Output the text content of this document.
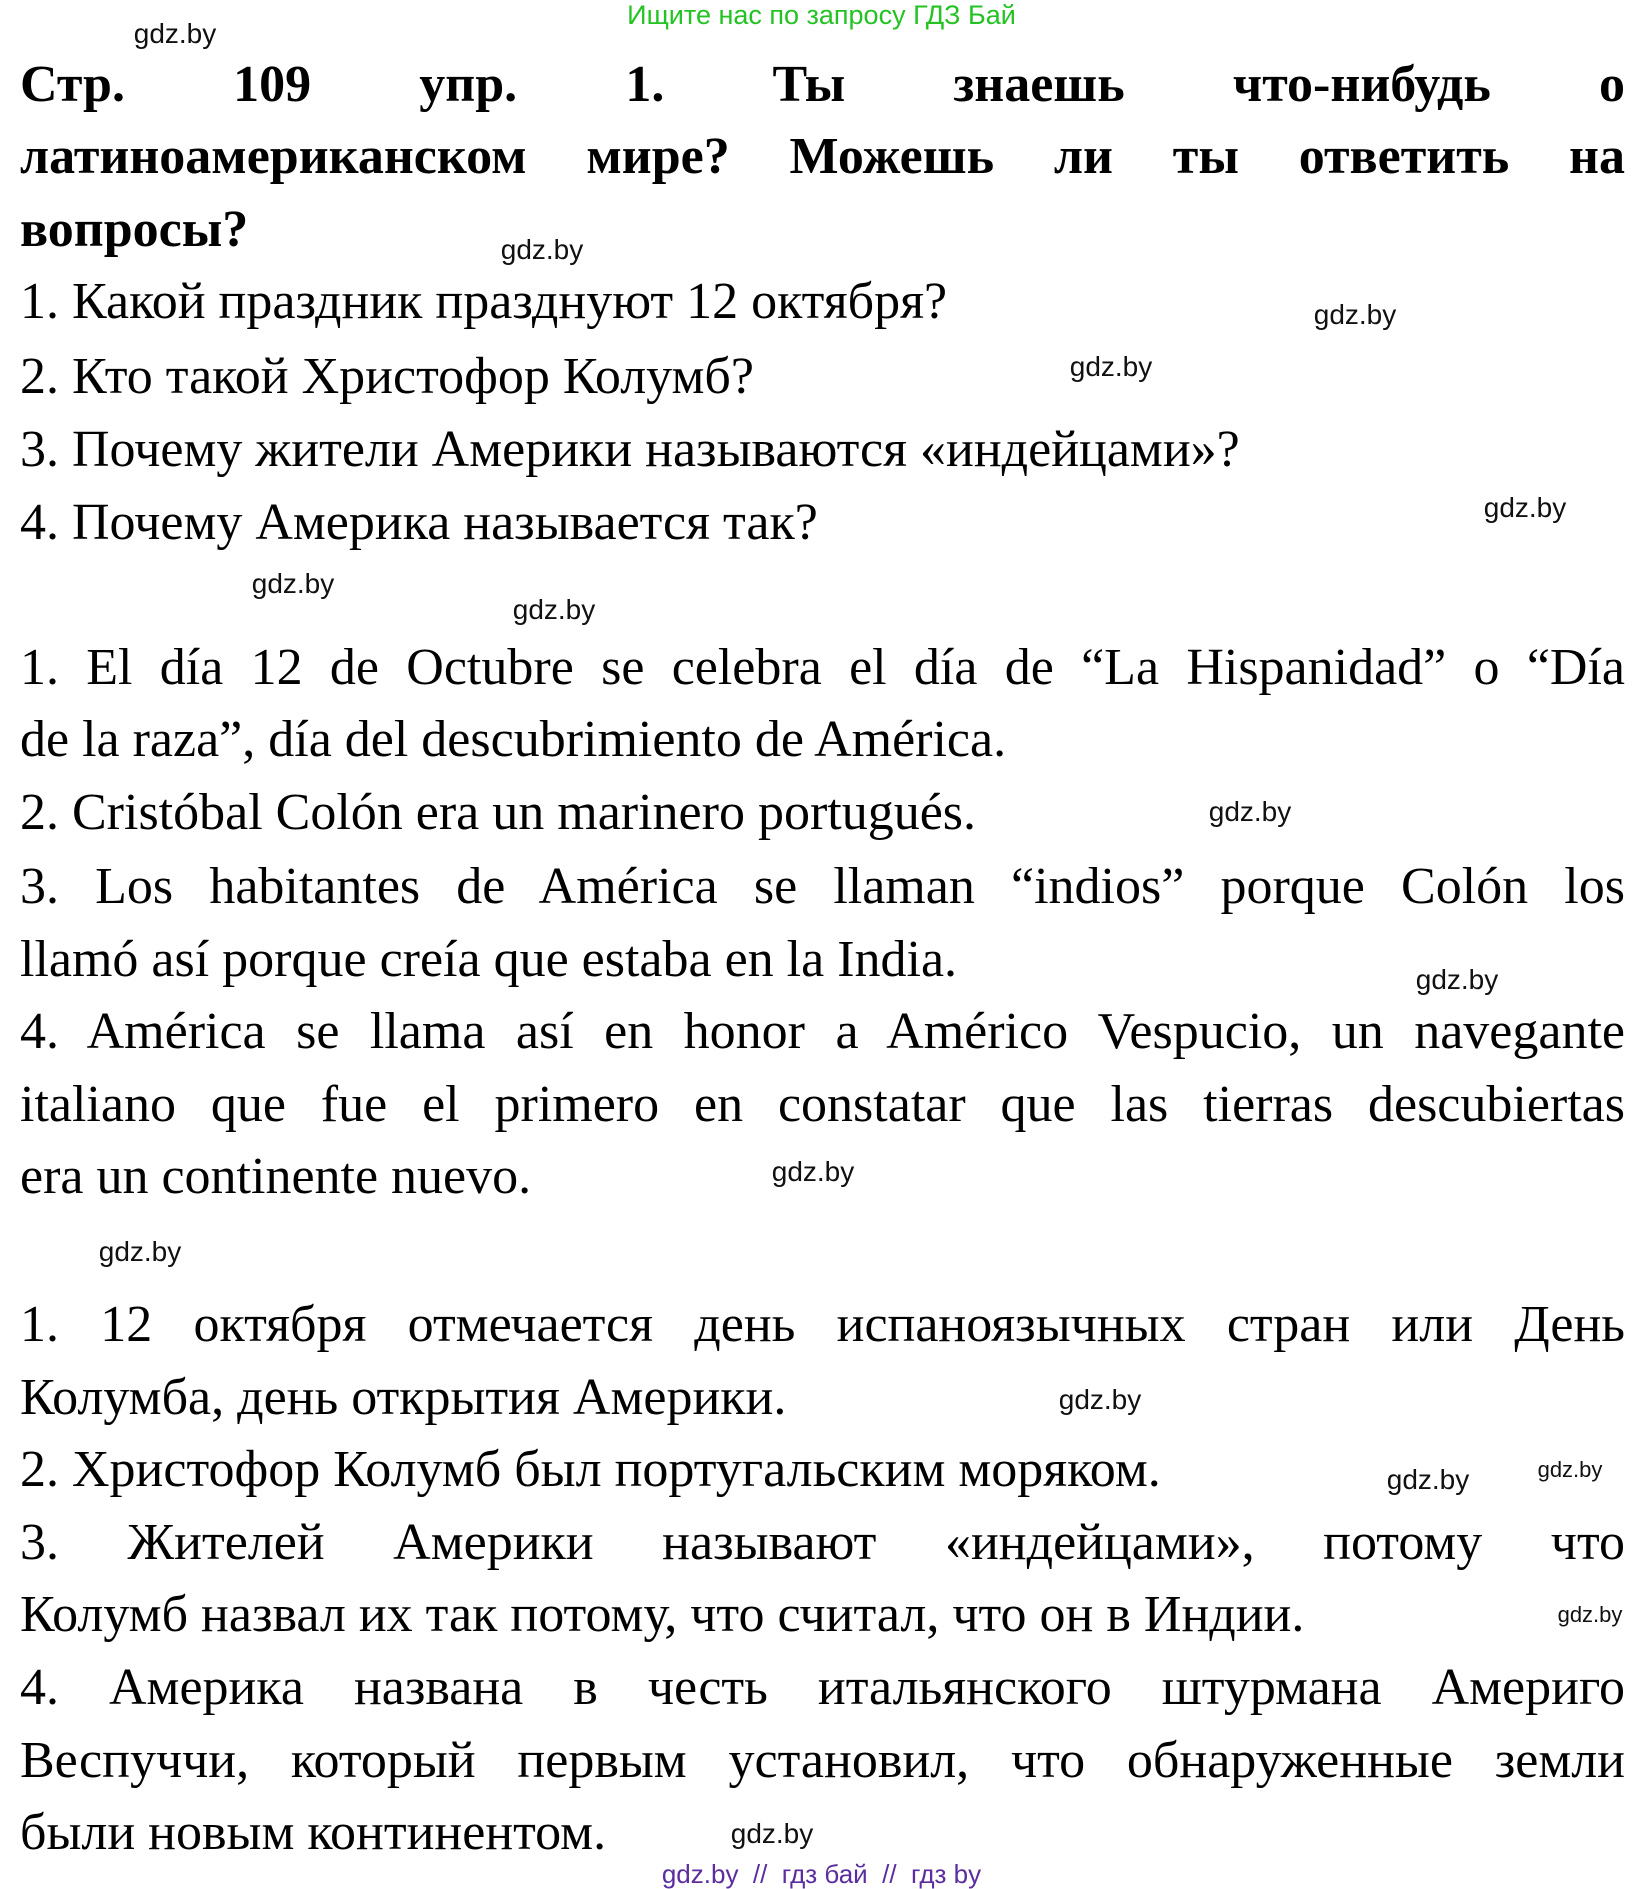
Ищите нас по запросу ГДЗ Бай
Стр. 109 упр. 1. Ты знаешь что-нибудь о
латиноамериканском мире? Можешь ли ты ответить на
вопросы?
1. Какой праздник празднуют 12 октября?
2. Кто такой Христофор Колумб?
3. Почему жители Америки называются «индейцами»?
4. Почему Америка называется так?
1. El día 12 de Octubre se celebra el día de “La Hispanidad” o “Día
de la raza”, día del descubrimiento de América.
2. Cristóbal Colón era un marinero portugués.
3. Los habitantes de América se llaman “indios” porque Colón los
llamó así porque creía que estaba en la India.
4. América se llama así en honor a Américo Vespucio, un navegante
italiano que fue el primero en constatar que las tierras descubiertas
era un continente nuevo.
1. 12 октября отмечается день испаноязычных стран или День
Колумба, день открытия Америки.
2. Христофор Колумб был португальским моряком.
3. Жителей Америки называют «индейцами», потому что
Колумб назвал их так потому, что считал, что он в Индии.
4. Америка названа в честь итальянского штурмана Америго
Веспуччи, который первым установил, что обнаруженные земли
были новым континентом.
gdz.by
gdz.by
gdz.by
gdz.by
gdz.by
gdz.by
gdz.by
gdz.by
gdz.by
gdz.by
gdz.by
gdz.by
gdz.by
gdz.by
gdz.by
gdz.by
gdz.by  //  гдз бай  //  гдз by
